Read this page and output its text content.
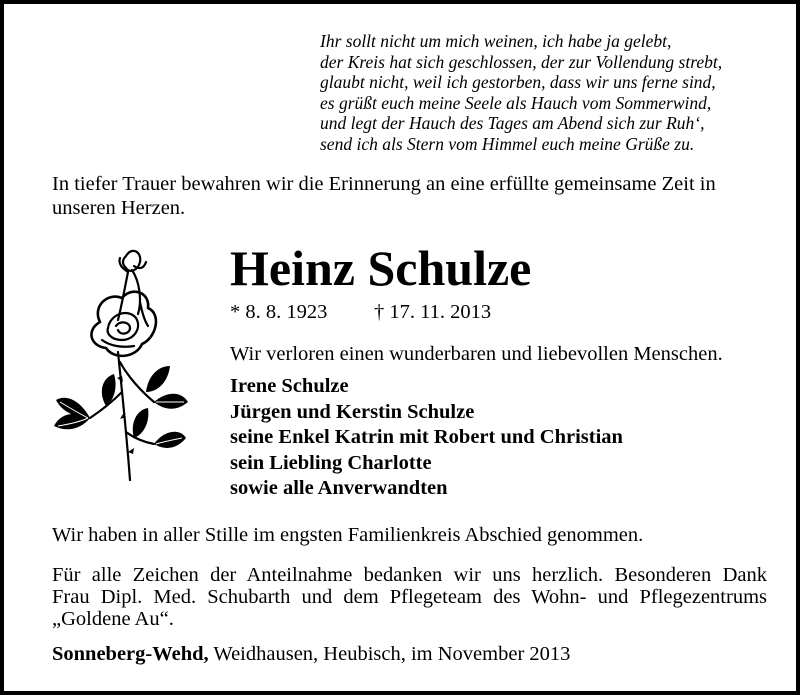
Ihr sollt nicht um mich weinen, ich habe ja gelebt,
der Kreis hat sich geschlossen, der zur Vollendung strebt,
glaubt nicht, weil ich gestorben, dass wir uns ferne sind,
es grüßt euch meine Seele als Hauch vom Sommerwind,
und legt der Hauch des Tages am Abend sich zur Ruh‘,
send ich als Stern vom Himmel euch meine Grüße zu.
In tiefer Trauer bewahren wir die Erinnerung an eine erfüllte gemeinsame Zeit in unseren Herzen.
Heinz Schulze
* 8. 8. 1923 † 17. 11. 2013
Wir verloren einen wunderbaren und liebevollen Menschen.
Irene Schulze
Jürgen und Kerstin Schulze
seine Enkel Katrin mit Robert und Christian
sein Liebling Charlotte
sowie alle Anverwandten
Wir haben in aller Stille im engsten Familienkreis Abschied genommen.
Für alle Zeichen der Anteilnahme bedanken wir uns herzlich. Besonderen Dank
Frau Dipl. Med. Schubarth und dem Pflegeteam des Wohn- und Pflegezentrums
„Goldene Au“.
Sonneberg-Wehd, Weidhausen, Heubisch, im November 2013
